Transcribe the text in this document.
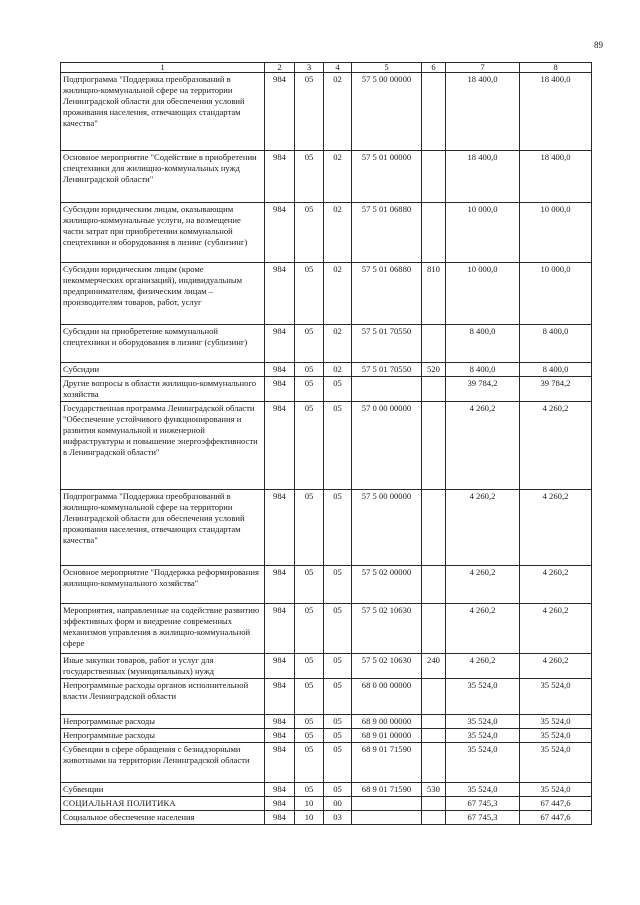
89
1	2	3	4	5	6	7	8
Подпрограмма "Поддержка преобразований в жилищно-коммунальной сфере на территории Ленинградской области для обеспечения условий проживания населения, отвечающих стандартам качества"	984	05	02	57 5 00 00000		18 400,0	18 400,0
Основное мероприятие "Содействие в приобретении спецтехники для жилищно-коммунальных нужд Ленинградской области"	984	05	02	57 5 01 00000		18 400,0	18 400,0
Субсидии юридическим лицам, оказывающим жилищно-коммунальные услуги, на возмещение части затрат при приобретении коммунальной спецтехники и оборудования в лизинг (сублизинг)	984	05	02	57 5 01 06880		10 000,0	10 000,0
Субсидии юридическим лицам (кроме некоммерческих организаций), индивидуальным предпринимателям, физическим лицам – производителям товаров, работ, услуг	984	05	02	57 5 01 06880	810	10 000,0	10 000,0
Субсидии на приобретение коммунальной спецтехники и оборудования в лизинг (сублизинг)	984	05	02	57 5 01 70550		8 400,0	8 400,0
Субсидии	984	05	02	57 5 01 70550	520	8 400,0	8 400,0
Другие вопросы в области жилищно-коммунального хозяйства	984	05	05			39 784,2	39 784,2
Государственная программа Ленинградской области "Обеспечение устойчивого функционирования и развития коммунальной и инженерной инфраструктуры и повышение энергоэффективности в Ленинградской области"	984	05	05	57 0 00 00000		4 260,2	4 260,2
Подпрограмма "Поддержка преобразований в жилищно-коммунальной сфере на территории Ленинградской области для обеспечения условий проживания населения, отвечающих стандартам качества"	984	05	05	57 5 00 00000		4 260,2	4 260,2
Основное мероприятие "Поддержка реформирования жилищно-коммунального хозяйства"	984	05	05	57 5 02 00000		4 260,2	4 260,2
Мероприятия, направленные на содействие развитию эффективных форм и внедрение современных механизмов управления в жилищно-коммунальной сфере	984	05	05	57 5 02 10630		4 260,2	4 260,2
Иные закупки товаров, работ и услуг для государственных (муниципальных) нужд	984	05	05	57 5 02 10630	240	4 260,2	4 260,2
Непрограммные расходы органов исполнительной власти Ленинградской области	984	05	05	68 0 00 00000		35 524,0	35 524,0
Непрограммные расходы	984	05	05	68 9 00 00000		35 524,0	35 524,0
Непрограммные расходы	984	05	05	68 9 01 00000		35 524,0	35 524,0
Субвенции в сфере обращения с безнадзорными животными на территории Ленинградской области	984	05	05	68 9 01 71590		35 524,0	35 524,0
Субвенции	984	05	05	68 9 01 71590	530	35 524,0	35 524,0
СОЦИАЛЬНАЯ ПОЛИТИКА	984	10	00			67 745,3	67 447,6
Социальное обеспечение населения	984	10	03			67 745,3	67 447,6
